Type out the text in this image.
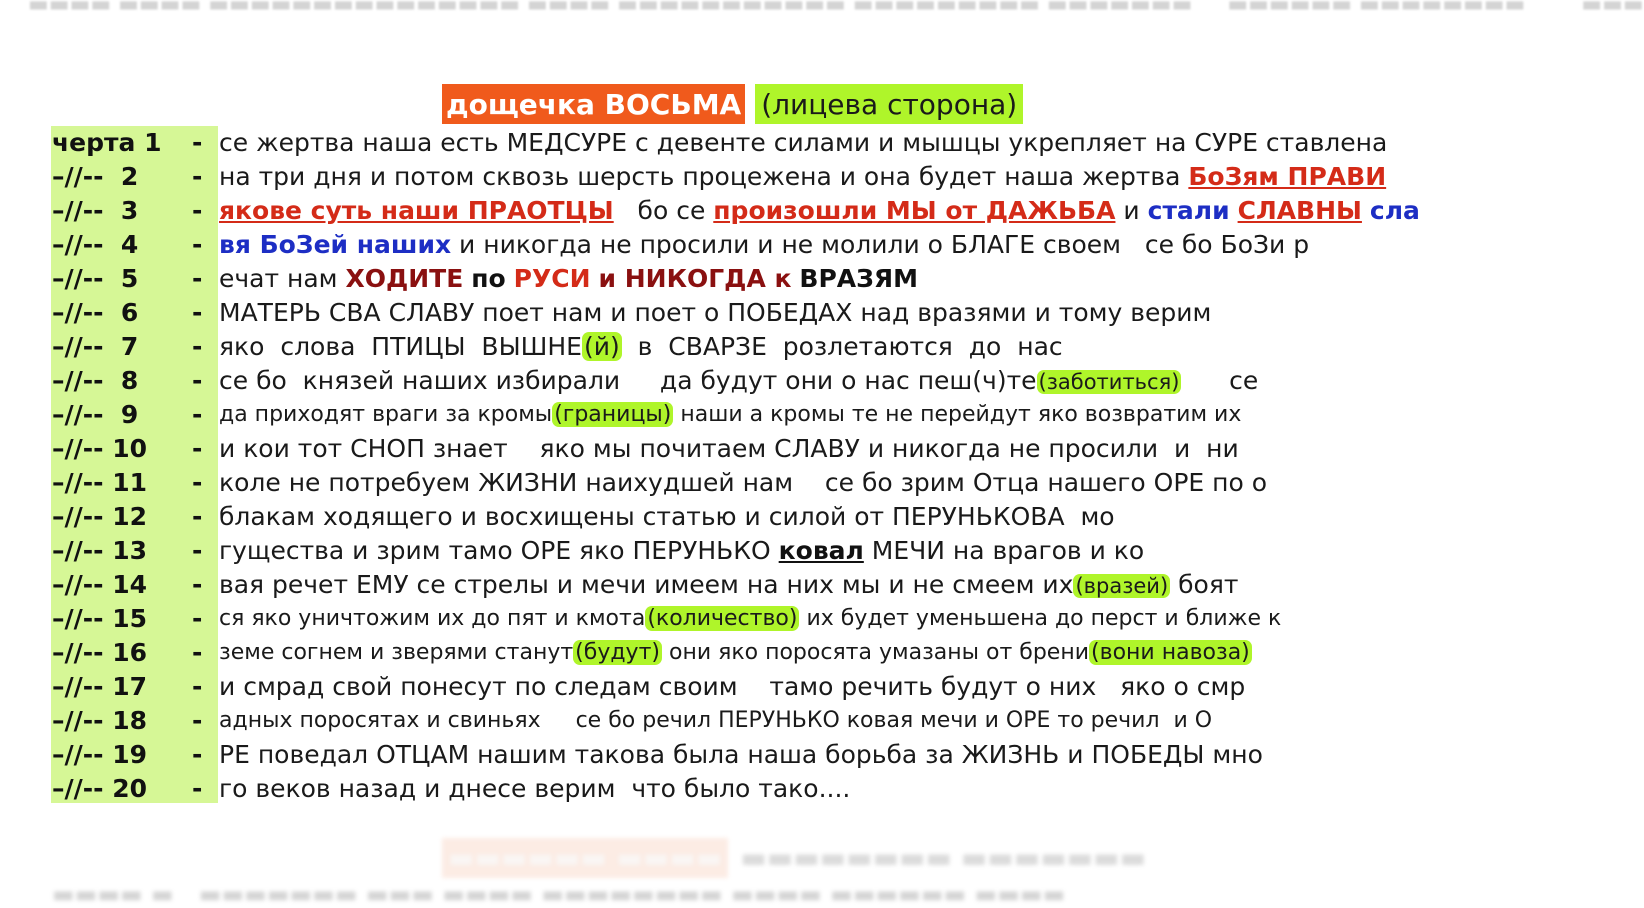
▬▬▬▬ ▬▬▬▬ ▬▬▬▬▬▬▬▬▬▬▬▬▬▬▬ ▬▬▬▬ ▬▬▬▬▬▬▬▬▬▬▬ ▬▬▬▬▬▬▬▬▬ ▬▬▬▬▬▬▬     ▬▬▬▬▬▬ ▬▬▬▬▬▬▬▬        ▬▬▬
дощечка ВОСЬМА (лицева сторона)
черта 1 - се жертва наша есть МЕДСУРЕ с девенте силами и мышцы укрепляет на СУРЕ ставлена
–//--  2 - на три дня и потом сквозь шерсть процежена и она будет наша жертва БоЗям ПРАВИ
–//--  3 - якове суть наши ПРАОТЦЫ   бо се произошли МЫ от ДАЖЬБА и стали СЛАВНЫ сла
–//--  4 - вя БоЗей наших и никогда не просили и не молили о БЛАГЕ своем   се бо БоЗи р
–//--  5 - ечат нам ХОДИТЕ по РУСИ и НИКОГДА к ВРАЗЯМ
–//--  6 - МАТЕРЬ СВА СЛАВУ поет нам и поет о ПОБЕДАХ над вразями и тому верим
–//--  7 - яко  слова  ПТИЦЫ  ВЫШНЕ(й)  в  СВАРЗЕ  розлетаются  до  нас
–//--  8 - се бо  князей наших избирали     да будут они о нас пеш(ч)те(заботиться)      се
–//--  9 - да приходят враги за кромы(границы) наши а кромы те не перейдут яко возвратим их
–//-- 10 - и кои тот СНОП знает    яко мы почитаем СЛАВУ и никогда не просили  и  ни
–//-- 11 - коле не потребуем ЖИЗНИ наихудшей нам    се бо зрим Отца нашего ОРЕ по о
–//-- 12 - блакам ходящего и восхищены статью и силой от ПЕРУНЬКОВА  мо
–//-- 13 - гущества и зрим тамо ОРЕ яко ПЕРУНЬКО ковал МЕЧИ на врагов и ко
–//-- 14 - вая речет ЕМУ се стрелы и мечи имеем на них мы и не смеем их(вразей) боят
–//-- 15 - ся яко уничтожим их до пят и кмота(количество) их будет уменьшена до перст и ближе к
–//-- 16 - земе согнем и зверями станут(будут) они яко поросята умазаны от брени(вони навоза)
–//-- 17 - и смрад свой понесут по следам своим    тамо речить будут о них   яко о смр
–//-- 18 - адных поросятах и свиньях     се бо речил ПЕРУНЬКО ковая мечи и ОРЕ то речил  и О
–//-- 19 - РЕ поведал ОТЦАМ нашим такова была наша борьба за ЖИЗНЬ и ПОБЕДЫ мно
–//-- 20 - го веков назад и днесе верим  что было тако....
▬▬▬▬▬▬ ▬▬▬▬ ▬▬▬▬▬▬▬▬ ▬▬▬▬▬▬▬
▬▬▬▬ ▬   ▬▬▬▬▬▬▬ ▬▬▬ ▬▬▬▬ ▬▬▬▬▬▬▬▬ ▬▬▬▬ ▬▬▬▬▬▬ ▬▬▬▬
